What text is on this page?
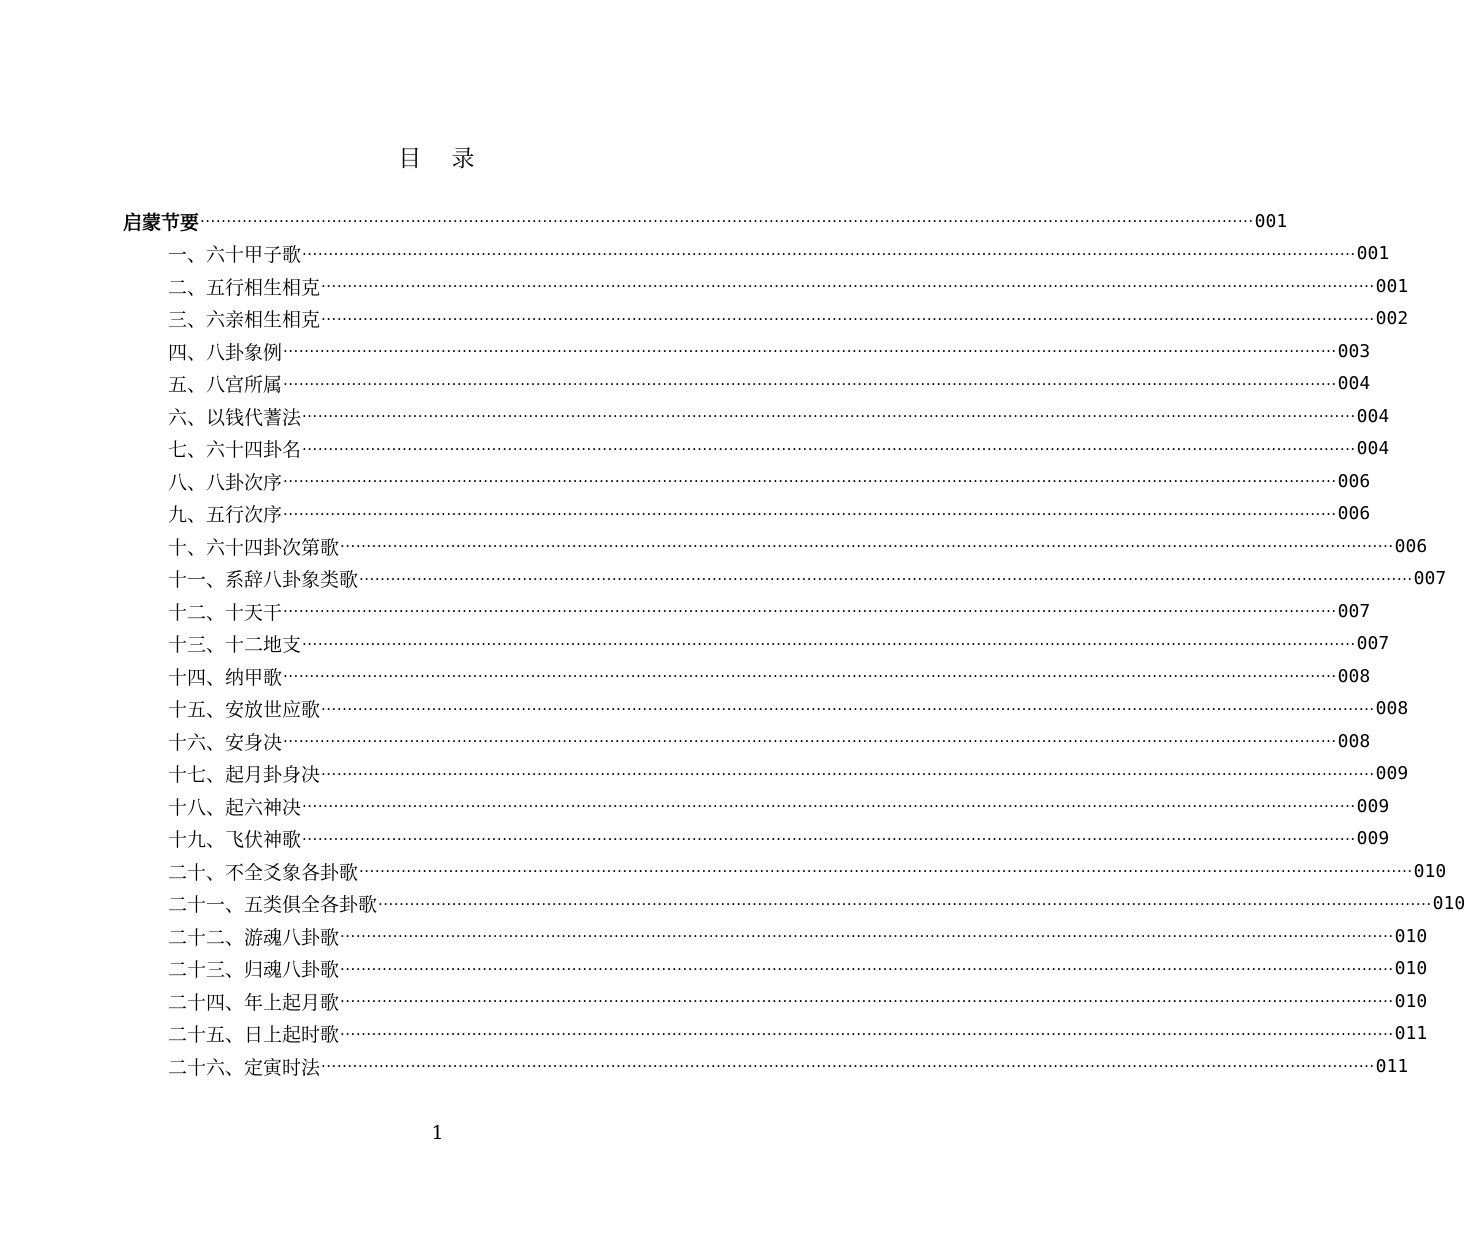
目 录
启蒙节要 ········································································································································································································ 001
一、六十甲子歌 ········································································································································································································ 001
二、五行相生相克 ········································································································································································································ 001
三、六亲相生相克 ········································································································································································································ 002
四、八卦象例 ········································································································································································································ 003
五、八宫所属 ········································································································································································································ 004
六、以钱代蓍法 ········································································································································································································ 004
七、六十四卦名 ········································································································································································································ 004
八、八卦次序 ········································································································································································································ 006
九、五行次序 ········································································································································································································ 006
十、六十四卦次第歌 ········································································································································································································ 006
十一、系辞八卦象类歌 ········································································································································································································ 007
十二、十天干 ········································································································································································································ 007
十三、十二地支 ········································································································································································································ 007
十四、纳甲歌 ········································································································································································································ 008
十五、安放世应歌 ········································································································································································································ 008
十六、安身决 ········································································································································································································ 008
十七、起月卦身决 ········································································································································································································ 009
十八、起六神决 ········································································································································································································ 009
十九、飞伏神歌 ········································································································································································································ 009
二十、不全爻象各卦歌 ········································································································································································································ 010
二十一、五类俱全各卦歌 ········································································································································································································ 010
二十二、游魂八卦歌 ········································································································································································································ 010
二十三、归魂八卦歌 ········································································································································································································ 010
二十四、年上起月歌 ········································································································································································································ 010
二十五、日上起时歌 ········································································································································································································ 011
二十六、定寅时法 ········································································································································································································ 011
1
